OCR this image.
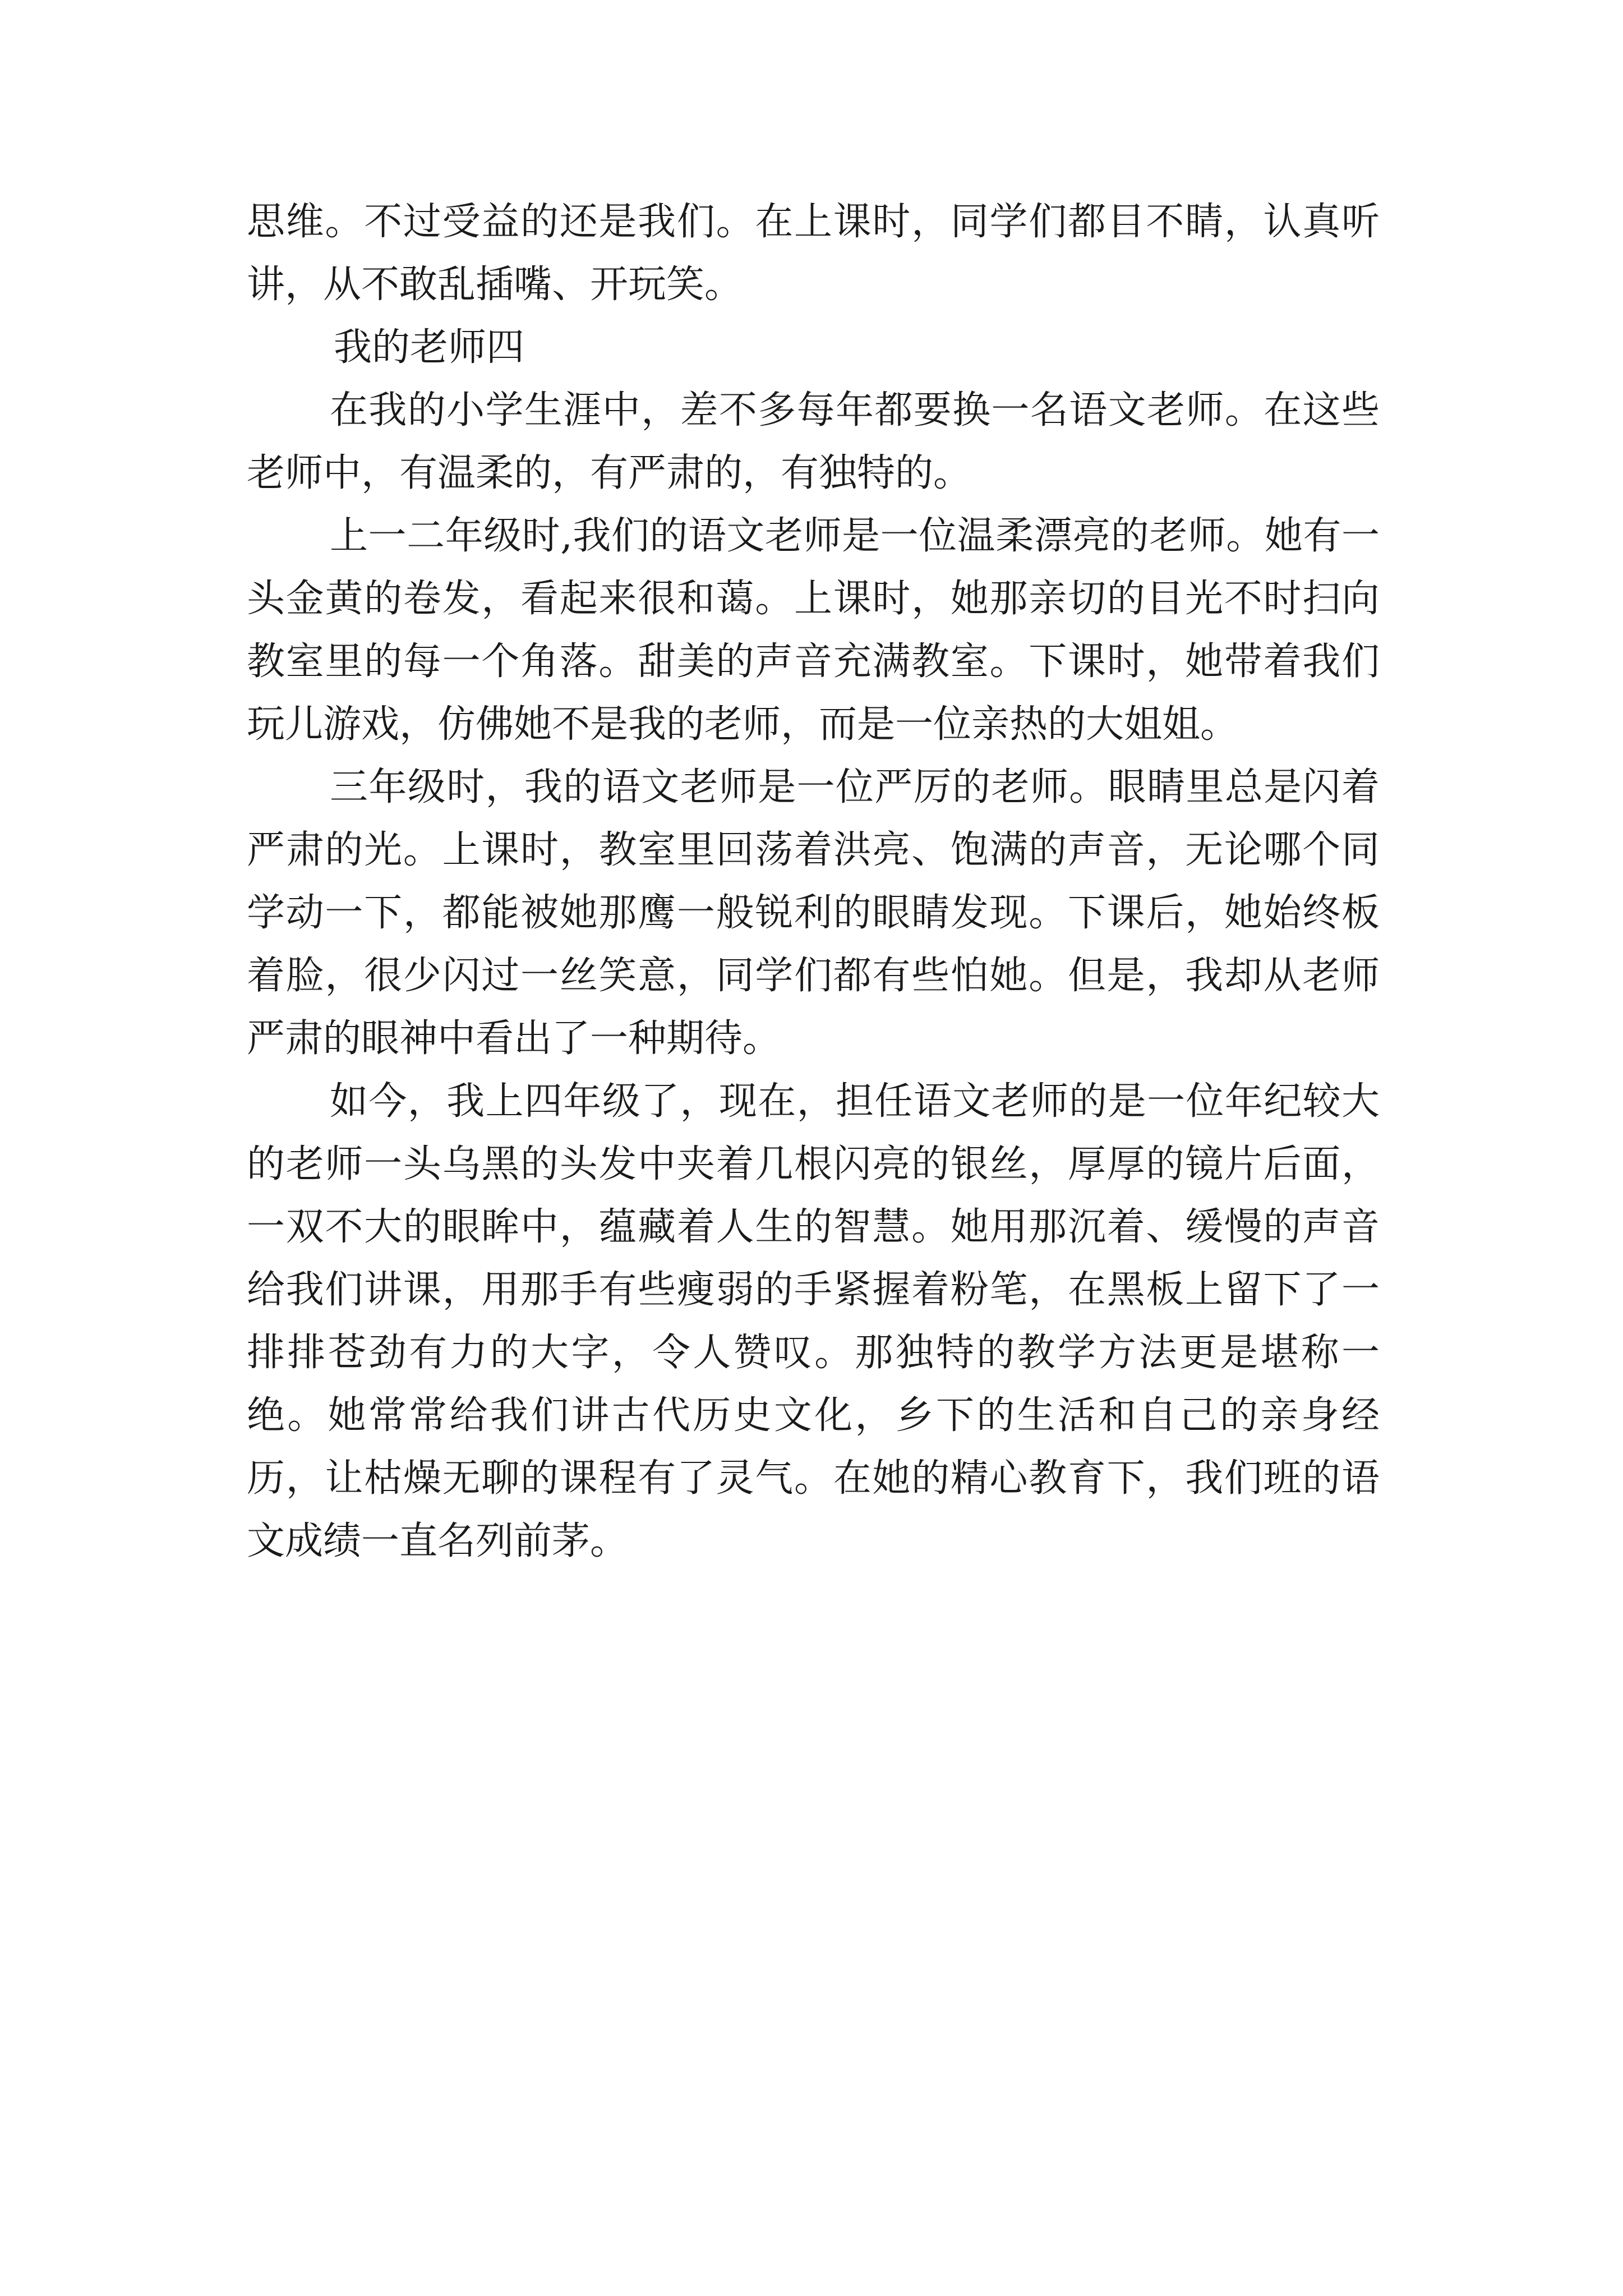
思维。不过受益的还是我们。在上课时，同学们都目不睛，认真听讲，从不敢乱插嘴、开玩笑。

我的老师四

在我的小学生涯中，差不多每年都要换一名语文老师。在这些老师中，有温柔的，有严肃的，有独特的。

上一二年级时,我们的语文老师是一位温柔漂亮的老师。她有一头金黄的卷发，看起来很和蔼。上课时，她那亲切的目光不时扫向教室里的每一个角落。甜美的声音充满教室。下课时，她带着我们玩儿游戏，仿佛她不是我的老师，而是一位亲热的大姐姐。

三年级时，我的语文老师是一位严厉的老师。眼睛里总是闪着严肃的光。上课时，教室里回荡着洪亮、饱满的声音，无论哪个同学动一下，都能被她那鹰一般锐利的眼睛发现。下课后，她始终板着脸，很少闪过一丝笑意，同学们都有些怕她。但是，我却从老师严肃的眼神中看出了一种期待。

如今，我上四年级了，现在，担任语文老师的是一位年纪较大的老师一头乌黑的头发中夹着几根闪亮的银丝，厚厚的镜片后面，一双不大的眼眸中，蕴藏着人生的智慧。她用那沉着、缓慢的声音给我们讲课，用那手有些瘦弱的手紧握着粉笔，在黑板上留下了一排排苍劲有力的大字，令人赞叹。那独特的教学方法更是堪称一绝。她常常给我们讲古代历史文化，乡下的生活和自己的亲身经历，让枯燥无聊的课程有了灵气。在她的精心教育下，我们班的语文成绩一直名列前茅。
